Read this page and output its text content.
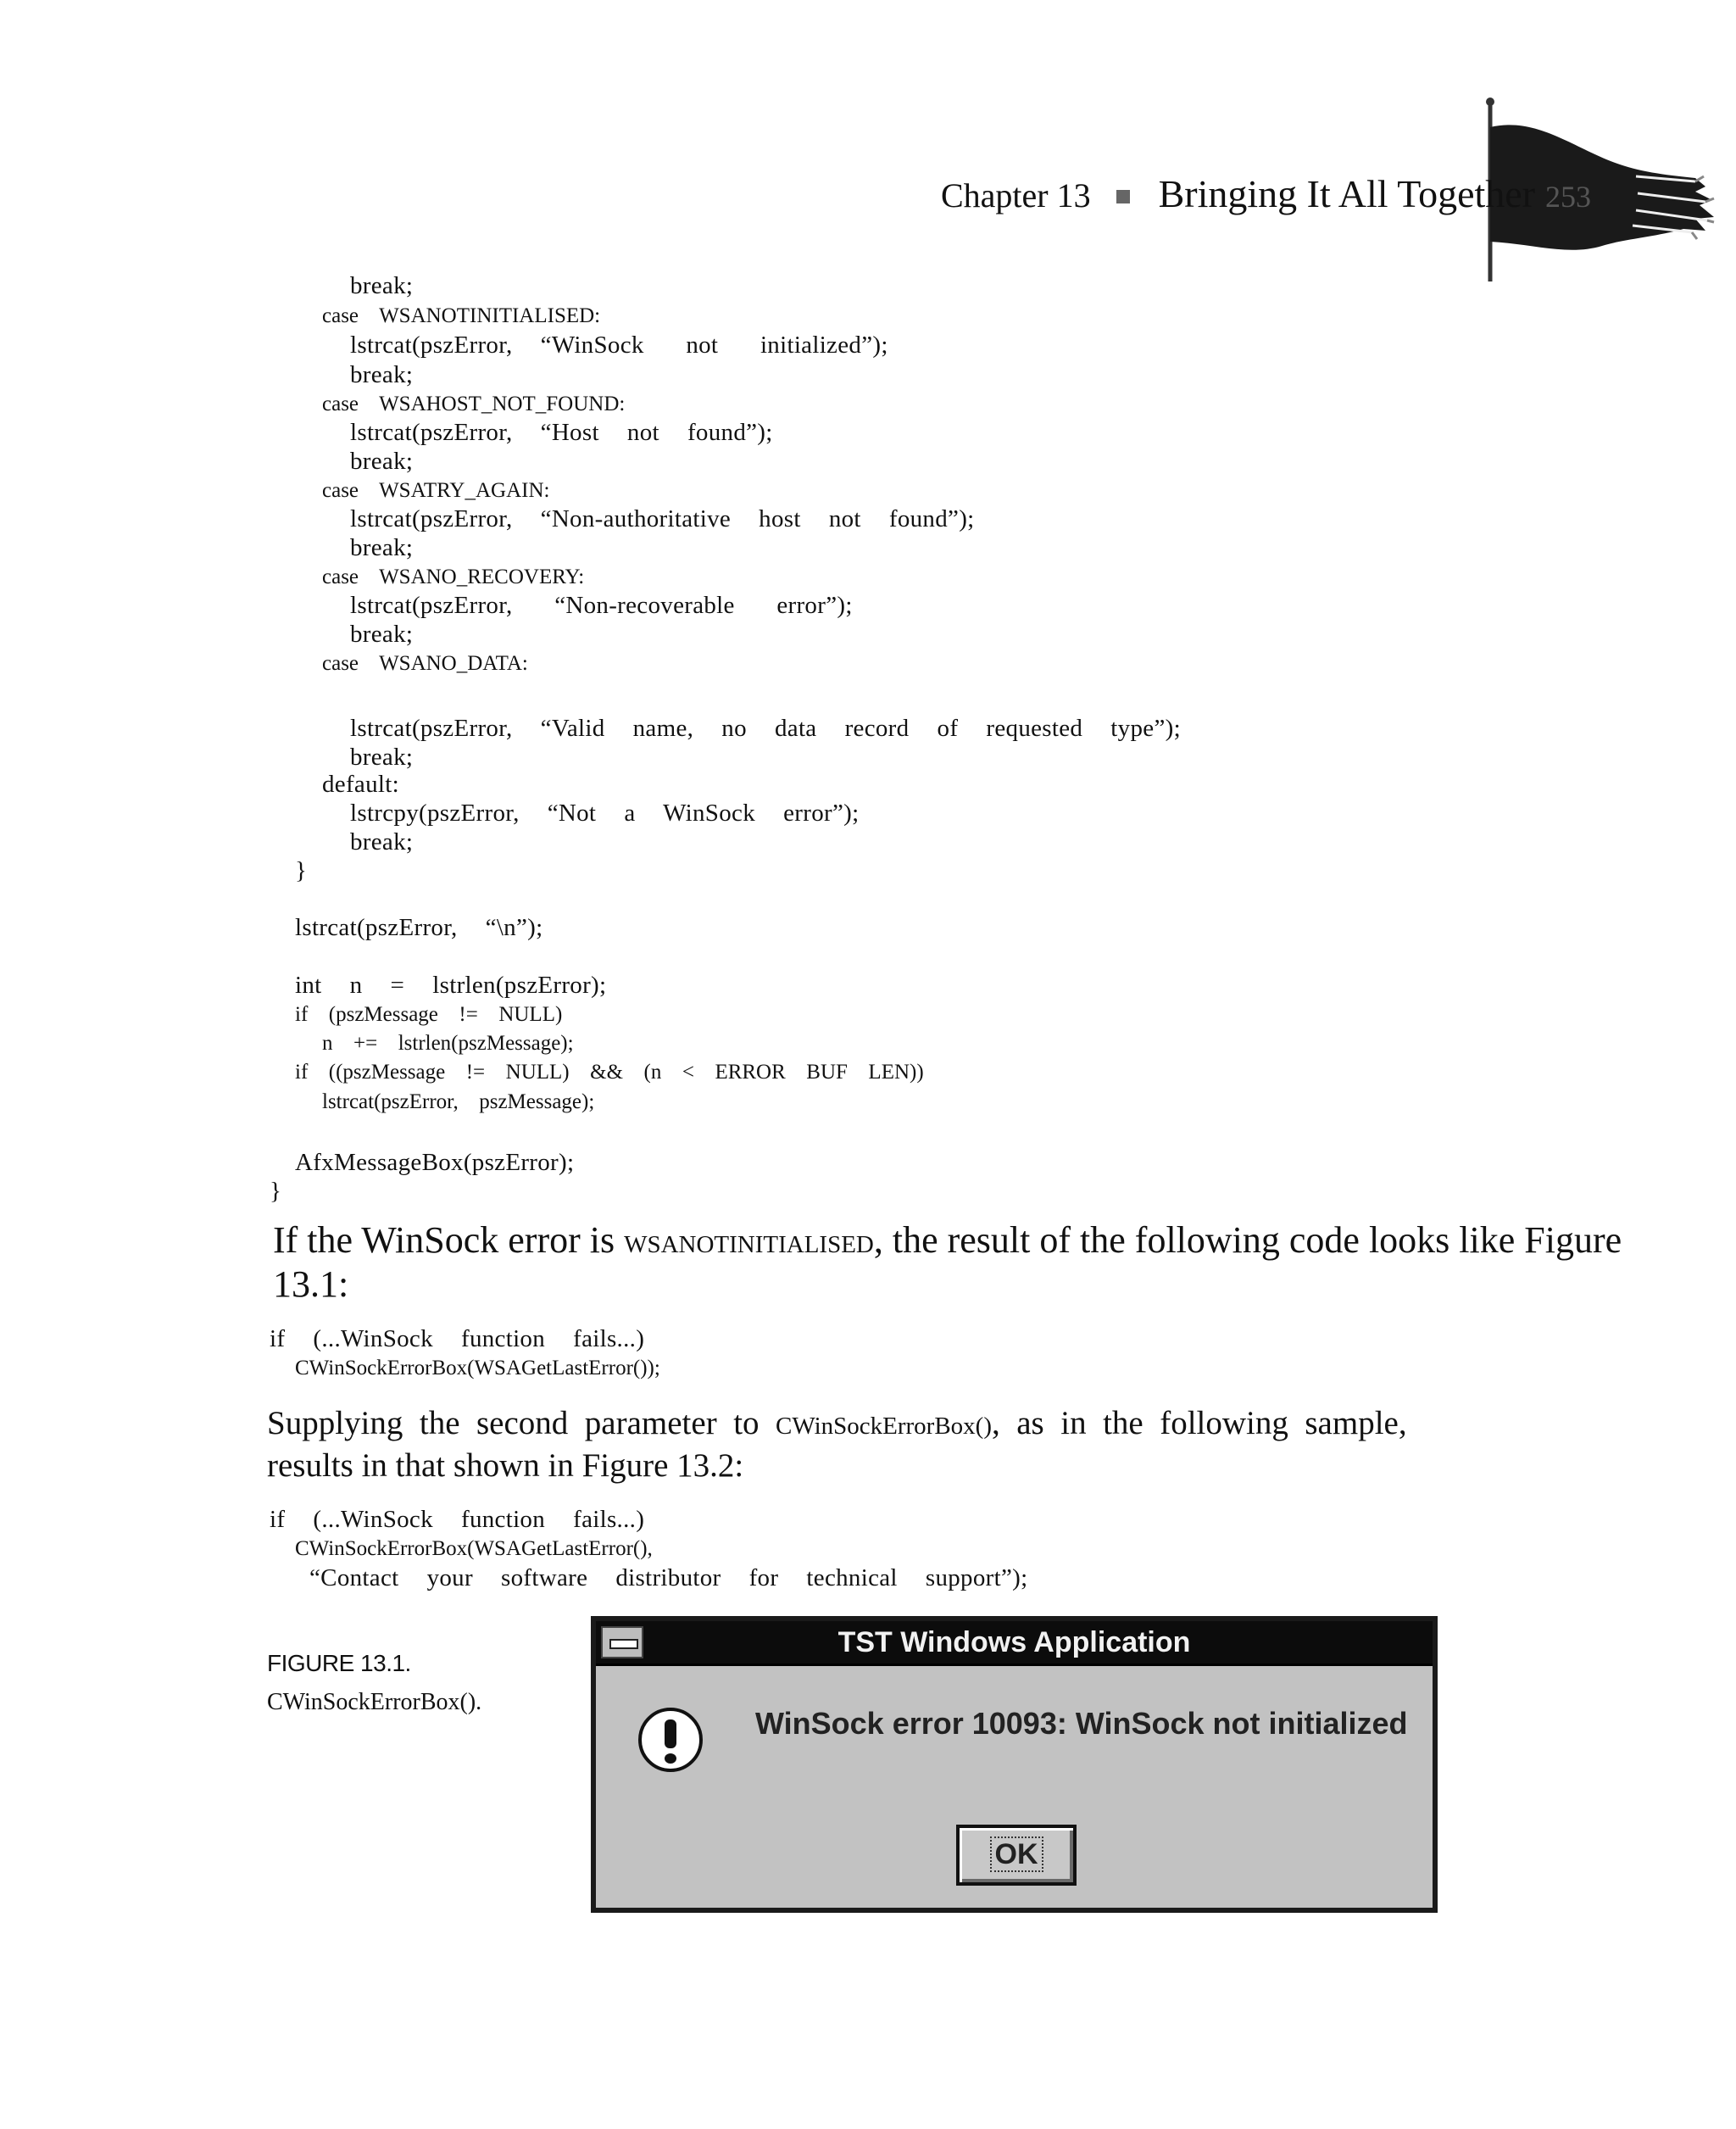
Chapter 13 Bringing It All Together 253

break;
case  WSANOTINITIALISED:
lstrcat(pszError,  “WinSock   not   initialized”);
break;
case  WSAHOST_NOT_FOUND:
lstrcat(pszError,  “Host  not  found”);
break;
case  WSATRY_AGAIN:
lstrcat(pszError,  “Non-authoritative  host  not  found”);
break;
case  WSANO_RECOVERY:
lstrcat(pszError,   “Non-recoverable   error”);
break;
case  WSANO_DATA:
lstrcat(pszError,  “Valid  name,  no  data  record  of  requested  type”);
break;
default:
lstrcpy(pszError,  “Not  a  WinSock  error”);
break;
}
lstrcat(pszError,  “\n”);
int  n  =  lstrlen(pszError);
if  (pszMessage  !=  NULL)
n  +=  lstrlen(pszMessage);
if  ((pszMessage  !=  NULL)  &&  (n  <  ERROR  BUF  LEN))
lstrcat(pszError,  pszMessage);
AfxMessageBox(pszError);
}
If the WinSock error is WSANOTINITIALISED, the result of the following code looks like Figure
13.1:
if  (...WinSock  function  fails...)
CWinSockErrorBox(WSAGetLastError());
Supplying  the  second  parameter  to  CWinSockErrorBox(),  as  in  the  following  sample,
results in that shown in Figure 13.2:
if  (...WinSock  function  fails...)
CWinSockErrorBox(WSAGetLastError(),
“Contact  your  software  distributor  for  technical  support”);
FIGURE 13.1.
CWinSockErrorBox().
TST Windows Application
WinSock error 10093: WinSock not initialized
OK
